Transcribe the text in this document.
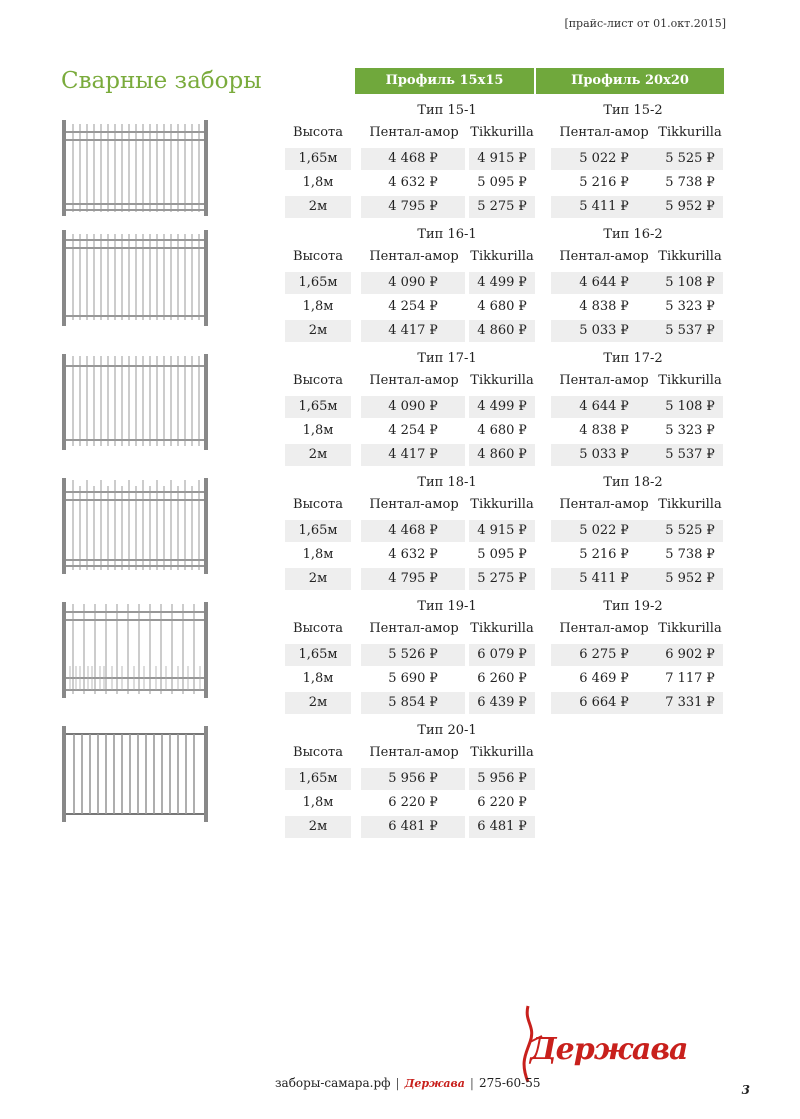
[прайс-лист от 01.окт.2015]
Сварные заборы	Профиль 15x15	Профиль 20x20
Тип 15-1	Тип 15-2
Высота	Пентал-амор Tikkurilla	Пентал-амор Tikkurilla
1,65м	4 468 ₽	4 915 ₽	5 022 ₽	5 525 ₽
1,8м	4 632 ₽	5 095 ₽	5 216 ₽	5 738 ₽
2м	4 795 ₽	5 275 ₽	5 411 ₽	5 952 ₽
Тип 16-1	Тип 16-2
Высота	Пентал-амор Tikkurilla	Пентал-амор Tikkurilla
1,65м	4 090 ₽	4 499 ₽	4 644 ₽	5 108 ₽
1,8м	4 254 ₽	4 680 ₽	4 838 ₽	5 323 ₽
2м	4 417 ₽	4 860 ₽	5 033 ₽	5 537 ₽
Тип 17-1	Тип 17-2
Высота	Пентал-амор Tikkurilla	Пентал-амор Tikkurilla
1,65м	4 090 ₽	4 499 ₽	4 644 ₽	5 108 ₽
1,8м	4 254 ₽	4 680 ₽	4 838 ₽	5 323 ₽
2м	4 417 ₽	4 860 ₽	5 033 ₽	5 537 ₽
Тип 18-1	Тип 18-2
Высота	Пентал-амор Tikkurilla	Пентал-амор Tikkurilla
1,65м	4 468 ₽	4 915 ₽	5 022 ₽	5 525 ₽
1,8м	4 632 ₽	5 095 ₽	5 216 ₽	5 738 ₽
2м	4 795 ₽	5 275 ₽	5 411 ₽	5 952 ₽
Тип 19-1	Тип 19-2
Высота	Пентал-амор Tikkurilla	Пентал-амор Tikkurilla
1,65м	5 526 ₽	6 079 ₽	6 275 ₽	6 902 ₽
1,8м	5 690 ₽	6 260 ₽	6 469 ₽	7 117 ₽
2м	5 854 ₽	6 439 ₽	6 664 ₽	7 331 ₽
Тип 20-1
Высота	Пентал-амор Tikkurilla
1,65м	5 956 ₽	5 956 ₽
1,8м	6 220 ₽	6 220 ₽
2м	6 481 ₽	6 481 ₽
Держава
заборы-самара.рф | Держава | 275-60-55	3
